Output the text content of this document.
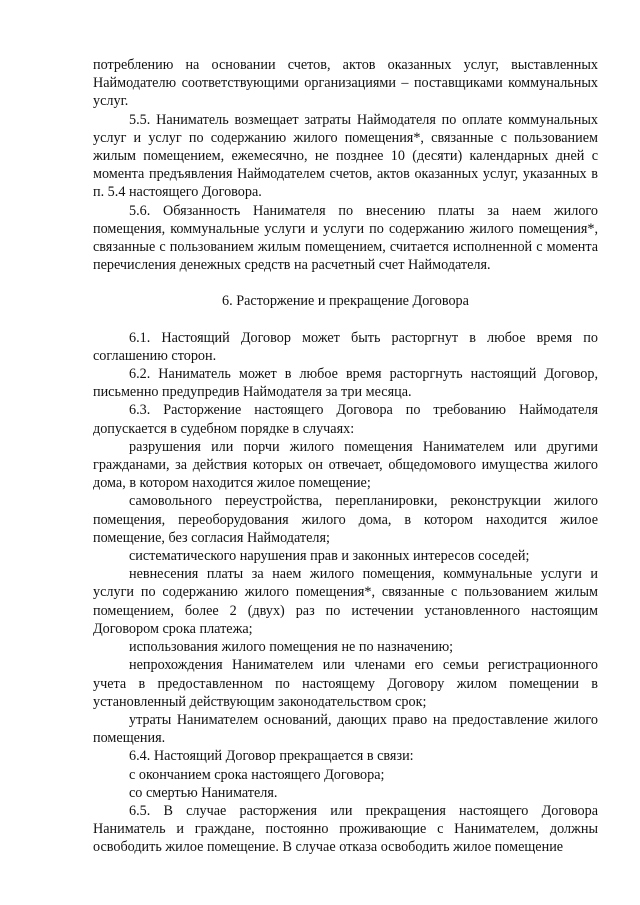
потреблению на основании счетов, актов оказанных услуг, выставленных Наймодателю соответствующими организациями – поставщиками коммунальных услуг.

5.5. Наниматель возмещает затраты Наймодателя по оплате коммунальных услуг и услуг по содержанию жилого помещения*, связанные с пользованием жилым помещением, ежемесячно, не позднее 10 (десяти) календарных дней с момента предъявления Наймодателем счетов, актов оказанных услуг, указанных в п. 5.4 настоящего Договора.

5.6. Обязанность Нанимателя по внесению платы за наем жилого помещения, коммунальные услуги и услуги по содержанию жилого помещения*, связанные с пользованием жилым помещением, считается исполненной с момента перечисления денежных средств на расчетный счет Наймодателя.

6. Расторжение и прекращение Договора

6.1. Настоящий Договор может быть расторгнут в любое время по соглашению сторон.

6.2. Наниматель может в любое время расторгнуть настоящий Договор, письменно предупредив Наймодателя за три месяца.

6.3. Расторжение настоящего Договора по требованию Наймодателя допускается в судебном порядке в случаях:

разрушения или порчи жилого помещения Нанимателем или другими гражданами, за действия которых он отвечает, общедомового имущества жилого дома, в котором находится жилое помещение;

самовольного переустройства, перепланировки, реконструкции жилого помещения, переоборудования жилого дома, в котором находится жилое помещение, без согласия Наймодателя;

систематического нарушения прав и законных интересов соседей;

невнесения платы за наем жилого помещения, коммунальные услуги и услуги по содержанию жилого помещения*, связанные с пользованием жилым помещением, более 2 (двух) раз по истечении установленного настоящим Договором срока платежа;

использования жилого помещения не по назначению;

непрохождения Нанимателем или членами его семьи регистрационного учета в предоставленном по настоящему Договору жилом помещении в установленный действующим законодательством срок;

утраты Нанимателем оснований, дающих право на предоставление жилого помещения.

6.4. Настоящий Договор прекращается в связи:

с окончанием срока настоящего Договора;

со смертью Нанимателя.

6.5. В случае расторжения или прекращения настоящего Договора Наниматель и граждане, постоянно проживающие с Нанимателем, должны освободить жилое помещение. В случае отказа освободить жилое помещение
